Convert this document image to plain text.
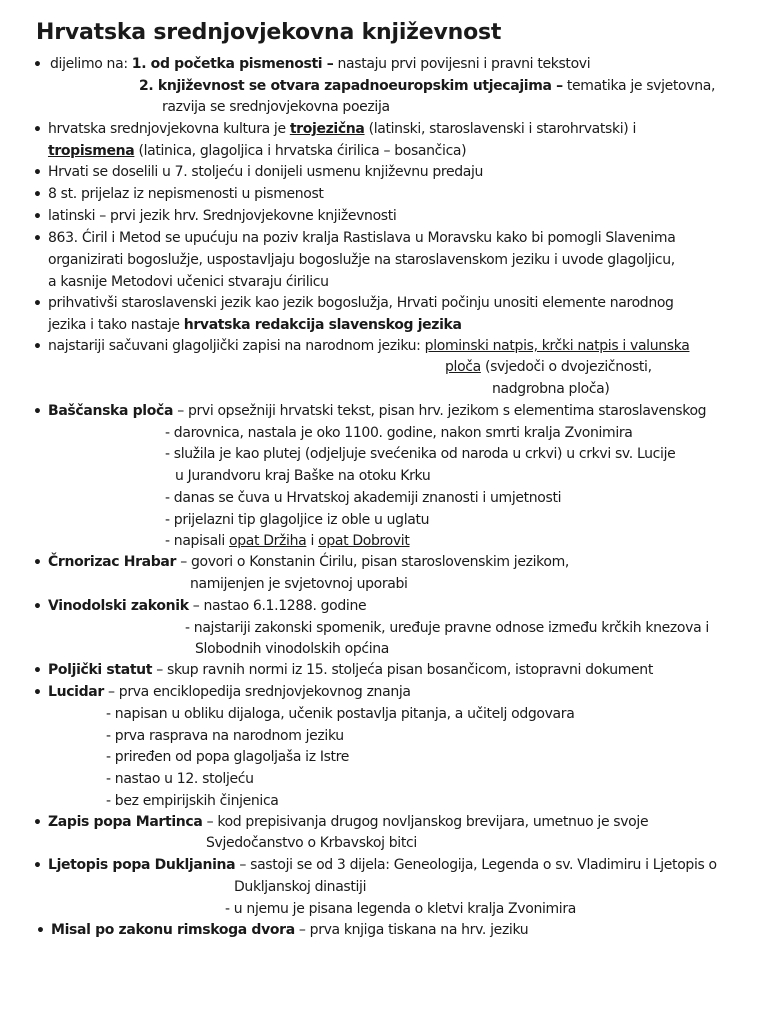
Hrvatska srednjovjekovna književnost
• dijelimo na: 1. od početka pismenosti – nastaju prvi povijesni i pravni tekstovi
2. književnost se otvara zapadnoeuropskim utjecajima – tematika je svjetovna,
razvija se srednjovjekovna poezija
• hrvatska srednjovjekovna kultura je trojezična (latinski, staroslavenski i starohrvatski) i
tropismena (latinica, glagoljica i hrvatska ćirilica – bosančica)
• Hrvati se doselili u 7. stoljeću i donijeli usmenu književnu predaju
• 8 st. prijelaz iz nepismenosti u pismenost
• latinski – prvi jezik hrv. Srednjovjekovne književnosti
• 863. Ćiril i Metod se upućuju na poziv kralja Rastislava u Moravsku kako bi pomogli Slavenima
organizirati bogoslužje, uspostavljaju bogoslužje na staroslavenskom jeziku i uvode glagoljicu,
a kasnije Metodovi učenici stvaraju ćirilicu
• prihvativši staroslavenski jezik kao jezik bogoslužja, Hrvati počinju unositi elemente narodnog
jezika i tako nastaje hrvatska redakcija slavenskog jezika
• najstariji sačuvani glagoljički zapisi na narodnom jeziku: plominski natpis, krčki natpis i valunska
ploča (svjedoči o dvojezičnosti,
nadgrobna ploča)
• Baščanska ploča – prvi opsežniji hrvatski tekst, pisan hrv. jezikom s elementima staroslavenskog
- darovnica, nastala je oko 1100. godine, nakon smrti kralja Zvonimira
- služila je kao plutej (odjeljuje svećenika od naroda u crkvi) u crkvi sv. Lucije
u Jurandvoru kraj Baške na otoku Krku
- danas se čuva u Hrvatskoj akademiji znanosti i umjetnosti
- prijelazni tip glagoljice iz oble u uglatu
- napisali opat Držiha i opat Dobrovit
• Črnorizac Hrabar – govori o Konstanin Ćirilu, pisan staroslovenskim jezikom,
namijenjen je svjetovnoj uporabi
• Vinodolski zakonik – nastao 6.1.1288. godine
- najstariji zakonski spomenik, uređuje pravne odnose između krčkih knezova i
Slobodnih vinodolskih općina
• Poljički statut – skup ravnih normi iz 15. stoljeća pisan bosančicom, istopravni dokument
• Lucidar – prva enciklopedija srednjovjekovnog znanja
- napisan u obliku dijaloga, učenik postavlja pitanja, a učitelj odgovara
- prva rasprava na narodnom jeziku
- priređen od popa glagoljaša iz Istre
- nastao u 12. stoljeću
- bez empirijskih činjenica
• Zapis popa Martinca – kod prepisivanja drugog novljanskog brevijara, umetnuo je svoje
Svjedočanstvo o Krbavskoj bitci
• Ljetopis popa Dukljanina – sastoji se od 3 dijela: Geneologija, Legenda o sv. Vladimiru i Ljetopis o
Dukljanskoj dinastiji
- u njemu je pisana legenda o kletvi kralja Zvonimira
• Misal po zakonu rimskoga dvora – prva knjiga tiskana na hrv. jeziku
